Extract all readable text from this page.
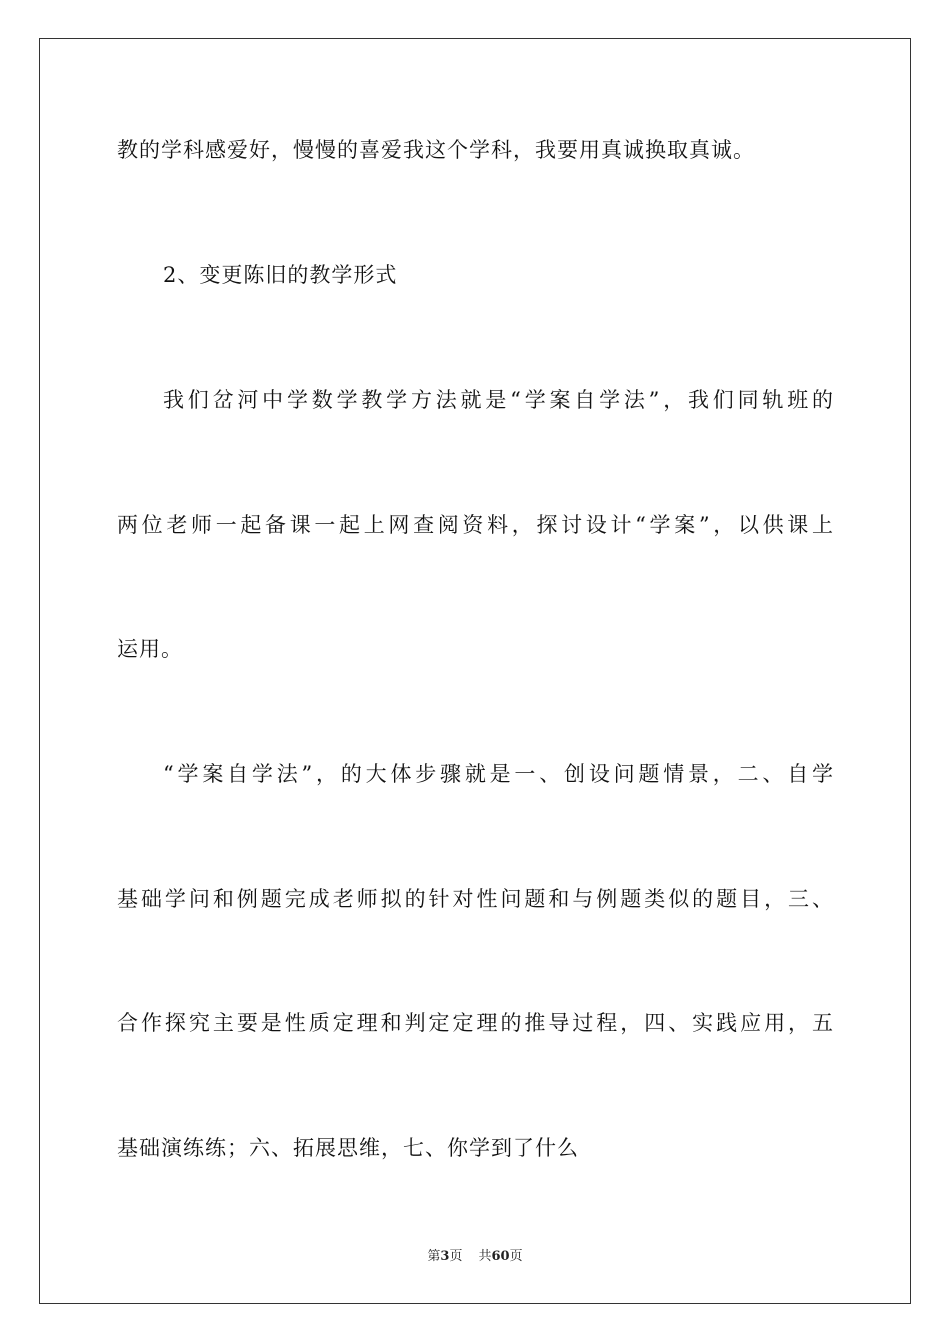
教的学科感爱好，慢慢的喜爱我这个学科，我要用真诚换取真诚。

2、变更陈旧的教学形式

我们岔河中学数学教学方法就是“学案自学法”，我们同轨班的

两位老师一起备课一起上网查阅资料，探讨设计“学案”，以供课上

运用。

“学案自学法”，的大体步骤就是一、创设问题情景，二、自学

基础学问和例题完成老师拟的针对性问题和与例题类似的题目，三、

合作探究主要是性质定理和判定定理的推导过程，四、实践应用，五

基础演练练；六、拓展思维，七、你学到了什么

第3页 共60页
